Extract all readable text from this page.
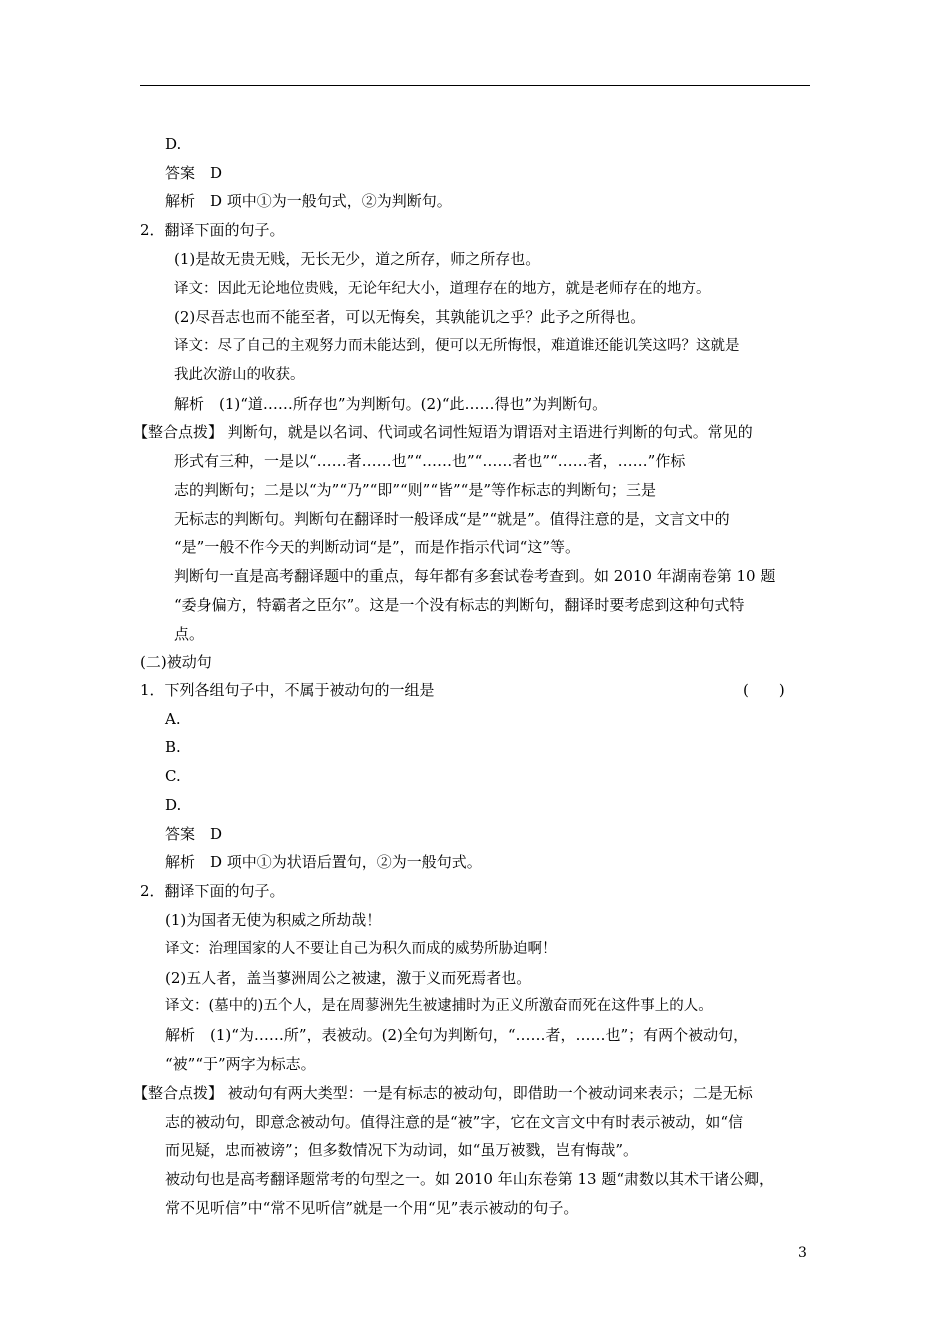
D.
答案　D
解析　D 项中①为一般句式，②为判断句。
2．翻译下面的句子。
(1)是故无贵无贱，无长无少，道之所存，师之所存也。
译文：因此无论地位贵贱，无论年纪大小，道理存在的地方，就是老师存在的地方。
(2)尽吾志也而不能至者，可以无悔矣，其孰能讥之乎？此予之所得也。
译文：尽了自己的主观努力而未能达到，便可以无所悔恨，难道谁还能讥笑这吗？这就是
我此次游山的收获。
解析　(1)“道……所存也”为判断句。(2)“此……得也”为判断句。
【整合点拨】 判断句，就是以名词、代词或名词性短语为谓语对主语进行判断的句式。常见的
形式有三种，一是以“……者……也”“……也”“……者也”“……者，……”作标
志的判断句；二是以“为”“乃”“即”“则”“皆”“是”等作标志的判断句；三是
无标志的判断句。判断句在翻译时一般译成“是”“就是”。值得注意的是，文言文中的
“是”一般不作今天的判断动词“是”，而是作指示代词“这”等。
判断句一直是高考翻译题中的重点，每年都有多套试卷考查到。如 2010 年湖南卷第 10 题
“委身偏方，特霸者之臣尔”。这是一个没有标志的判断句，翻译时要考虑到这种句式特
点。
(二)被动句
1．下列各组句子中，不属于被动句的一组是
A.
B.
C.
D.
答案　D
解析　D 项中①为状语后置句，②为一般句式。
2．翻译下面的句子。
(1)为国者无使为积威之所劫哉！
译文：治理国家的人不要让自己为积久而成的威势所胁迫啊！
(2)五人者，盖当蓼洲周公之被逮，激于义而死焉者也。
译文：(墓中的)五个人，是在周蓼洲先生被逮捕时为正义所激奋而死在这件事上的人。
解析　(1)“为……所”，表被动。(2)全句为判断句，“……者，……也”；有两个被动句，
“被”“于”两字为标志。
【整合点拨】 被动句有两大类型：一是有标志的被动句，即借助一个被动词来表示；二是无标
志的被动句，即意念被动句。值得注意的是“被”字，它在文言文中有时表示被动，如“信
而见疑，忠而被谤”；但多数情况下为动词，如“虽万被戮，岂有悔哉”。
被动句也是高考翻译题常考的句型之一。如 2010 年山东卷第 13 题“肃数以其术干诸公卿，
常不见听信”中“常不见听信”就是一个用“见”表示被动的句子。
(　　)
3
